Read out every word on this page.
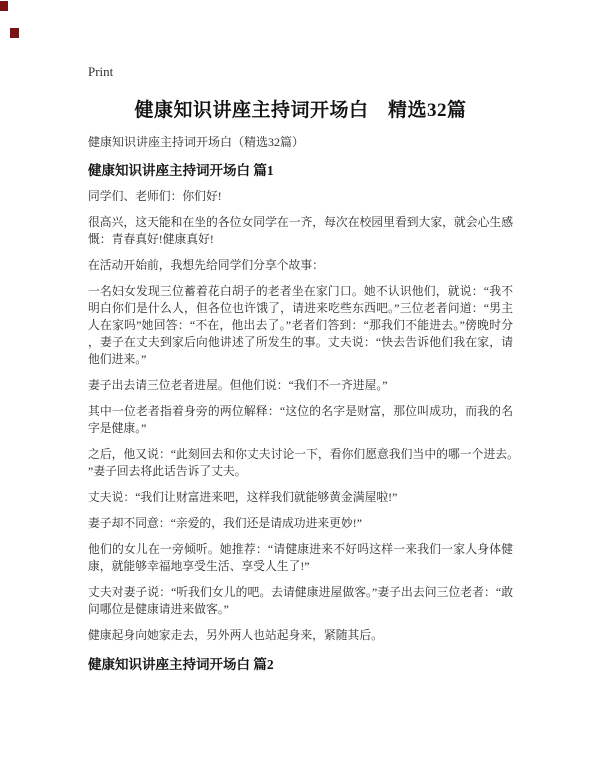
Print
健康知识讲座主持词开场白　精选32篇

健康知识讲座主持词开场白（精选32篇）

健康知识讲座主持词开场白 篇1

同学们、老师们：你们好!

很高兴，这天能和在坐的各位女同学在一齐，每次在校园里看到大家，就会心生感慨：青春真好!健康真好!

在活动开始前，我想先给同学们分享个故事：

一名妇女发现三位蓄着花白胡子的老者坐在家门口。她不认识他们，就说：“我不明白你们是什么人，但各位也许饿了，请进来吃些东西吧。”三位老者问道：“男主人在家吗”她回答：“不在，他出去了。”老者们答到：“那我们不能进去。”傍晚时分，妻子在丈夫到家后向他讲述了所发生的事。丈夫说：“快去告诉他们我在家，请他们进来。”

妻子出去请三位老者进屋。但他们说：“我们不一齐进屋。”

其中一位老者指着身旁的两位解释：“这位的名字是财富，那位叫成功，而我的名字是健康。”

之后，他又说：“此刻回去和你丈夫讨论一下，看你们愿意我们当中的哪一个进去。”妻子回去将此话告诉了丈夫。

丈夫说：“我们让财富进来吧，这样我们就能够黄金满屋啦!”

妻子却不同意：“亲爱的，我们还是请成功进来更妙!”

他们的女儿在一旁倾听。她推荐：“请健康进来不好吗这样一来我们一家人身体健康，就能够幸福地享受生活、享受人生了!”

丈夫对妻子说：“听我们女儿的吧。去请健康进屋做客。”妻子出去问三位老者：“敢问哪位是健康请进来做客。”

健康起身向她家走去，另外两人也站起身来，紧随其后。

健康知识讲座主持词开场白 篇2
